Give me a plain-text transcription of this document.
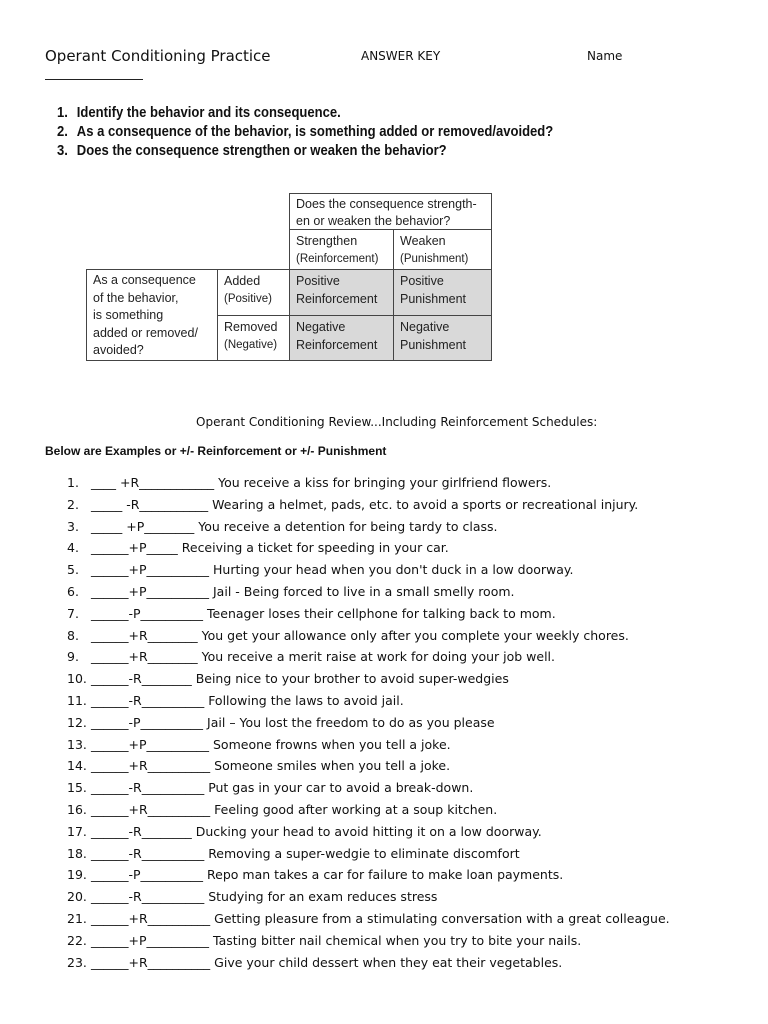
Operant Conditioning Practice	ANSWER KEY	Name
1. Identify the behavior and its consequence.
2. As a consequence of the behavior, is something added or removed/avoided?
3. Does the consequence strengthen or weaken the behavior?
Does the consequence strength-
en or weaken the behavior?
Strengthen
(Reinforcement)
Weaken
(Punishment)
As a consequence
of the behavior,
is something
added or removed/
avoided?
Added
(Positive)
Removed
(Negative)
Positive
Reinforcement
Positive
Punishment
Negative
Reinforcement
Negative
Punishment
Operant Conditioning Review...Including Reinforcement Schedules:
Below are Examples or +/- Reinforcement or +/- Punishment
1. ____ +R____________ You receive a kiss for bringing your girlfriend flowers.
2. _____ -R___________ Wearing a helmet, pads, etc. to avoid a sports or recreational injury.
3. _____ +P________ You receive a detention for being tardy to class.
4. ______+P_____ Receiving a ticket for speeding in your car.
5. ______+P__________ Hurting your head when you don't duck in a low doorway.
6. ______+P__________ Jail - Being forced to live in a small smelly room.
7. ______-P__________ Teenager loses their cellphone for talking back to mom.
8. ______+R________ You get your allowance only after you complete your weekly chores.
9. ______+R________ You receive a merit raise at work for doing your job well.
10. ______-R________ Being nice to your brother to avoid super-wedgies
11. ______-R__________ Following the laws to avoid jail.
12. ______-P__________ Jail – You lost the freedom to do as you please
13. ______+P__________ Someone frowns when you tell a joke.
14. ______+R__________ Someone smiles when you tell a joke.
15. ______-R__________ Put gas in your car to avoid a break-down.
16. ______+R__________ Feeling good after working at a soup kitchen.
17. ______-R________ Ducking your head to avoid hitting it on a low doorway.
18. ______-R__________ Removing a super-wedgie to eliminate discomfort
19. ______-P__________ Repo man takes a car for failure to make loan payments.
20. ______-R__________ Studying for an exam reduces stress
21. ______+R__________ Getting pleasure from a stimulating conversation with a great colleague.
22. ______+P__________ Tasting bitter nail chemical when you try to bite your nails.
23. ______+R__________ Give your child dessert when they eat their vegetables.
